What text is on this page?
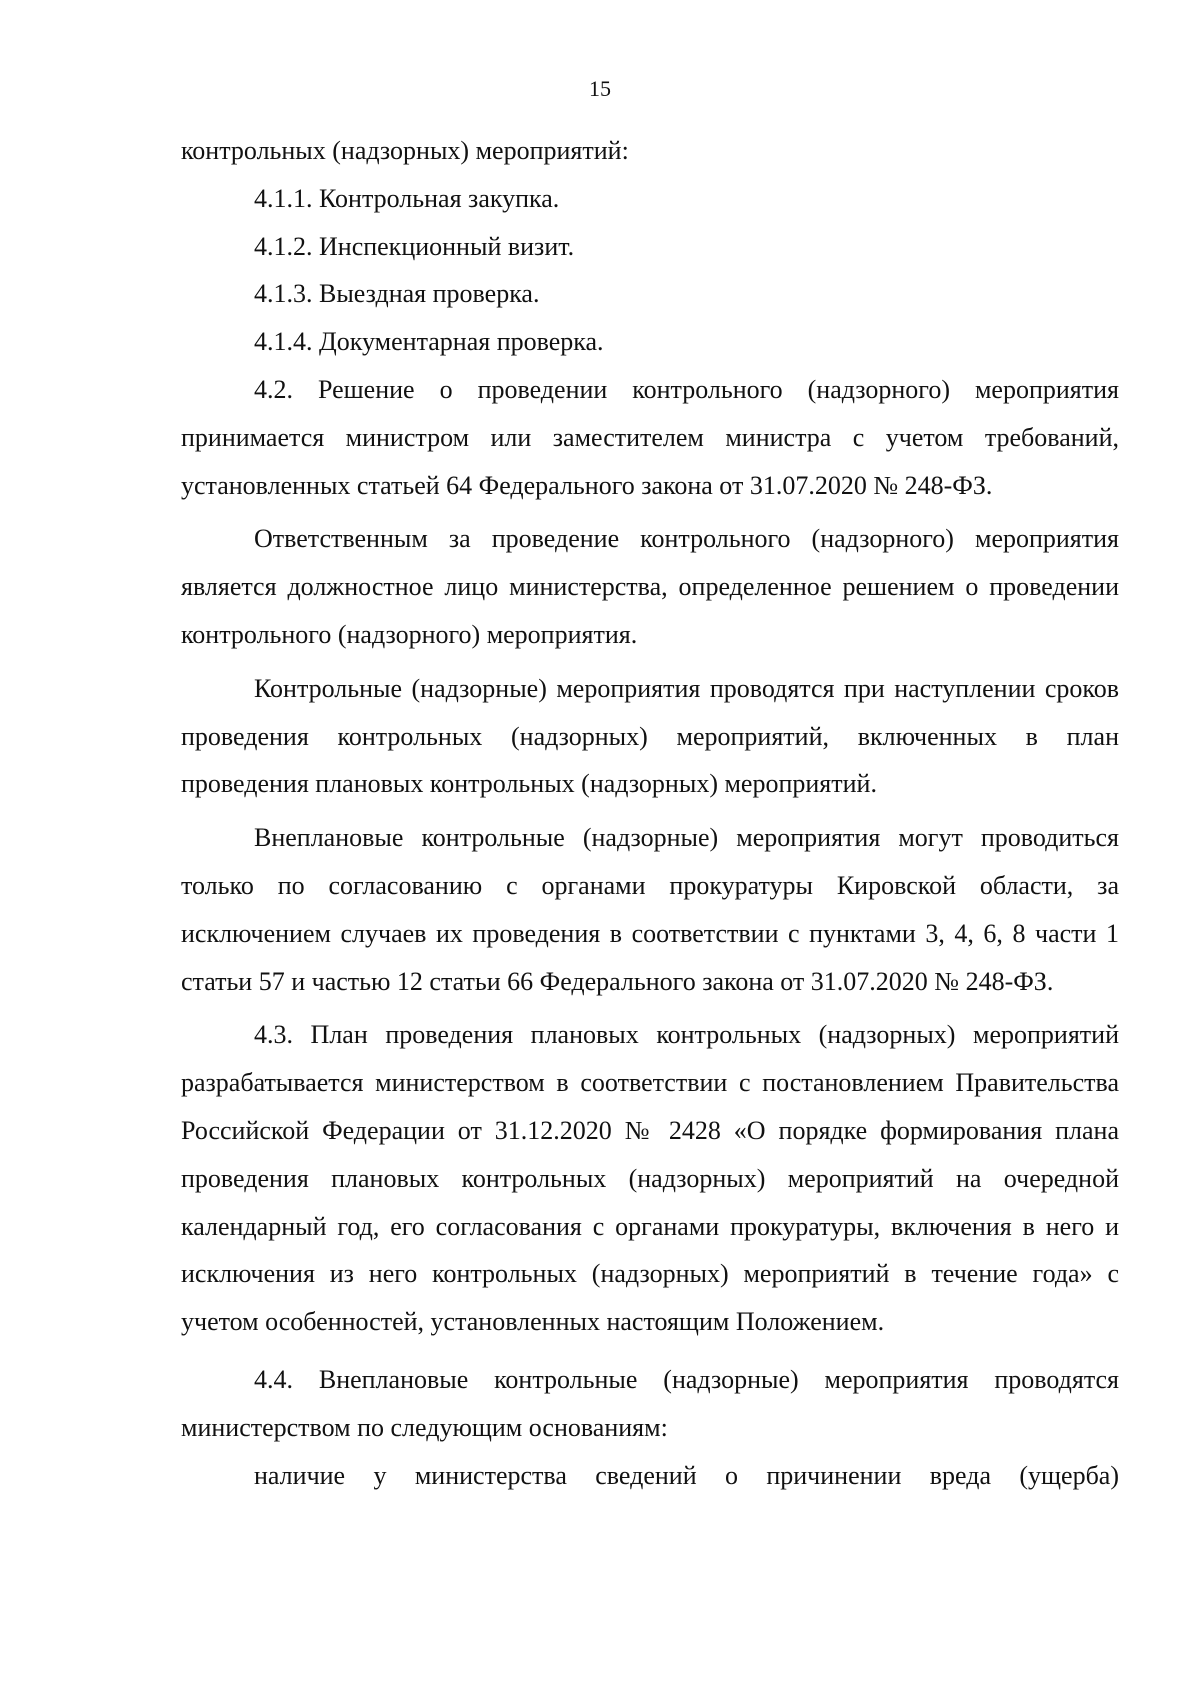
15

контрольных (надзорных) мероприятий:

4.1.1. Контрольная закупка.

4.1.2. Инспекционный визит.

4.1.3. Выездная проверка.

4.1.4. Документарная проверка.

4.2. Решение о проведении контрольного (надзорного) мероприятия принимается министром или заместителем министра с учетом требований, установленных статьей 64 Федерального закона от 31.07.2020 № 248-ФЗ.

Ответственным за проведение контрольного (надзорного) мероприятия является должностное лицо министерства, определенное решением о проведении контрольного (надзорного) мероприятия.

Контрольные (надзорные) мероприятия проводятся при наступлении сроков проведения контрольных (надзорных) мероприятий, включенных в план проведения плановых контрольных (надзорных) мероприятий.

Внеплановые контрольные (надзорные) мероприятия могут проводиться только по согласованию с органами прокуратуры Кировской области, за исключением случаев их проведения в соответствии с пунктами 3, 4, 6, 8 части 1 статьи 57 и частью 12 статьи 66 Федерального закона от 31.07.2020 № 248-ФЗ.

4.3. План проведения плановых контрольных (надзорных) мероприятий разрабатывается министерством в соответствии с постановлением Правительства Российской Федерации от 31.12.2020 № 2428 «О порядке формирования плана проведения плановых контрольных (надзорных) мероприятий на очередной календарный год, его согласования с органами прокуратуры, включения в него и исключения из него контрольных (надзорных) мероприятий в течение года» с учетом особенностей, установленных настоящим Положением.

4.4. Внеплановые контрольные (надзорные) мероприятия проводятся министерством по следующим основаниям:

наличие у министерства сведений о причинении вреда (ущерба)
